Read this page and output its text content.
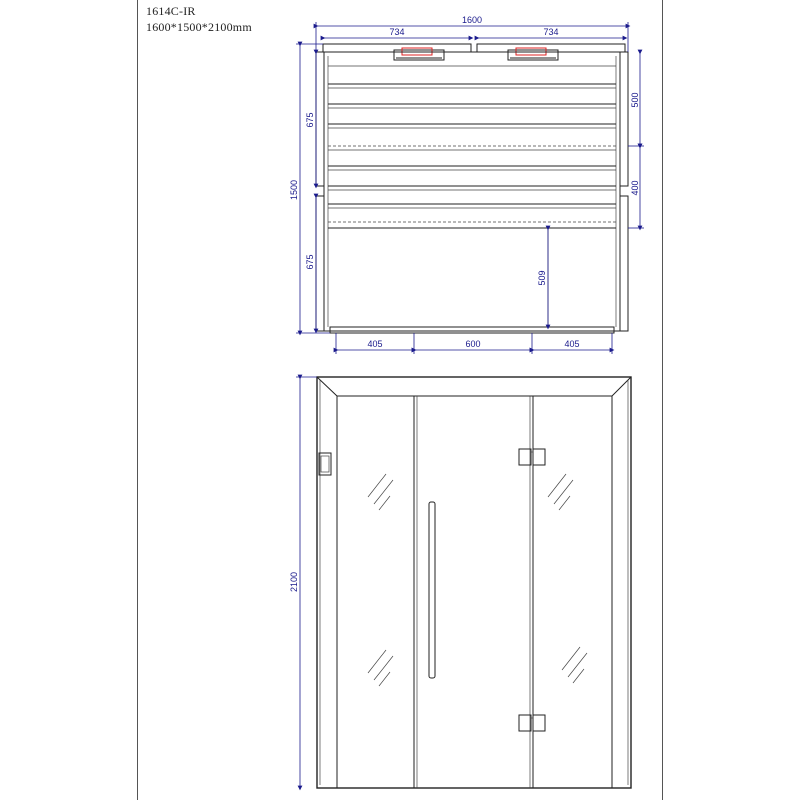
1614C-IR
1600*1500*2100mm	1600
734	734
1500
675
675
500
400
509
405	600	405
2100
